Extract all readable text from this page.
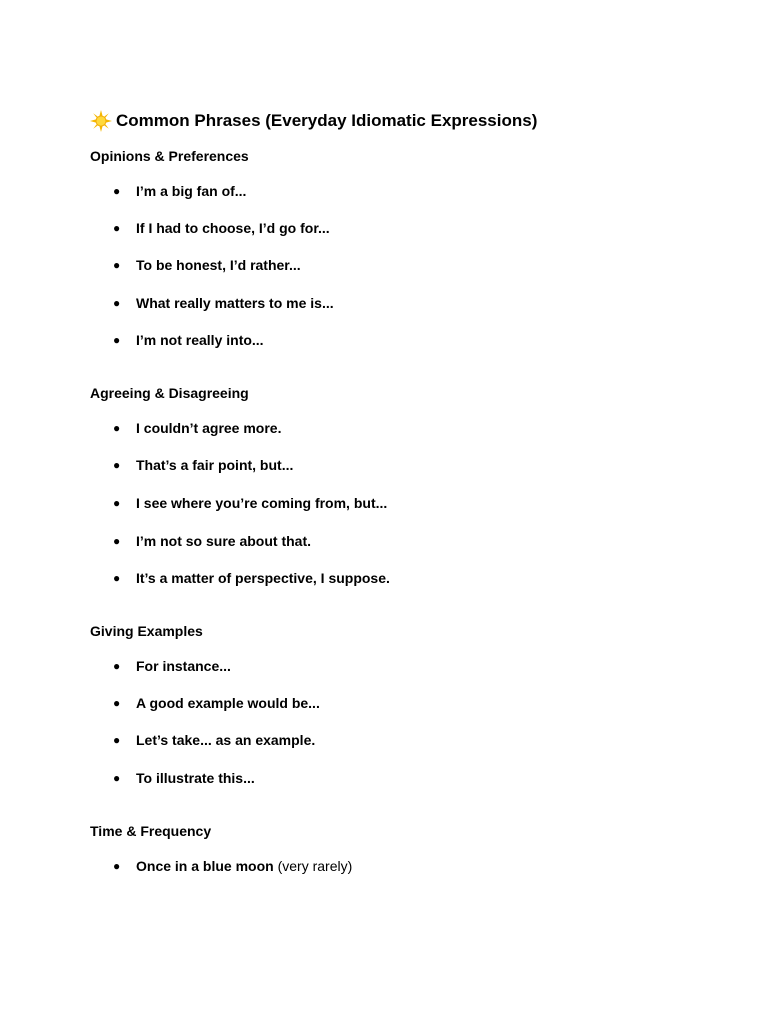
Common Phrases (Everyday Idiomatic Expressions)
Opinions & Preferences
● I’m a big fan of...
● If I had to choose, I’d go for...
● To be honest, I’d rather...
● What really matters to me is...
● I’m not really into...
Agreeing & Disagreeing
● I couldn’t agree more.
● That’s a fair point, but...
● I see where you’re coming from, but...
● I’m not so sure about that.
● It’s a matter of perspective, I suppose.
Giving Examples
● For instance...
● A good example would be...
● Let’s take... as an example.
● To illustrate this...
Time & Frequency
● Once in a blue moon (very rarely)
